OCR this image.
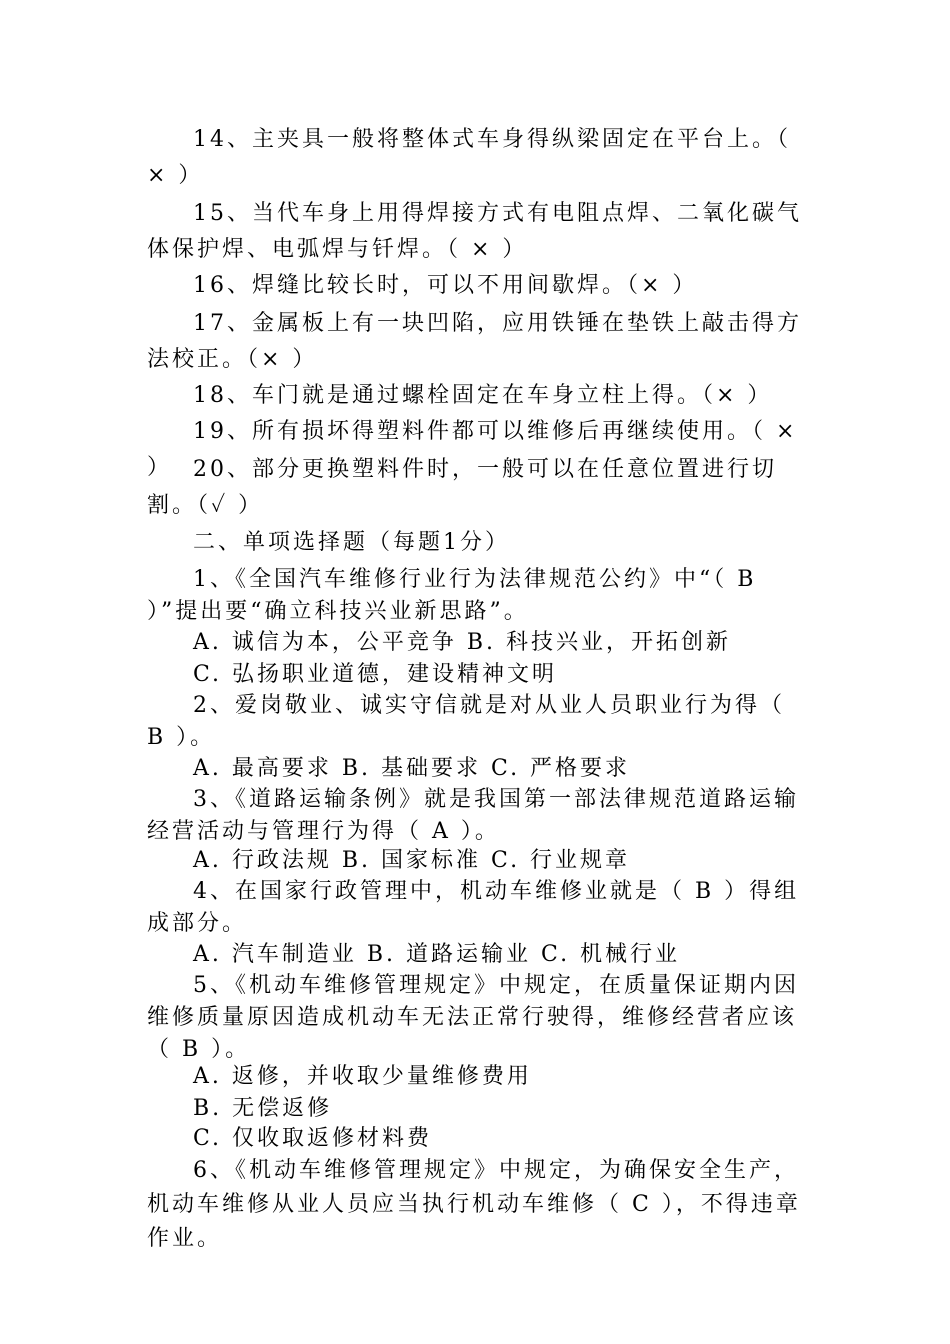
14、主夹具一般将整体式车身得纵梁固定在平台上。（ × ）

15、当代车身上用得焊接方式有电阻点焊、二氧化碳气体保护焊、电弧焊与钎焊。（ × ）

16、焊缝比较长时，可以不用间歇焊。（× ）

17、金属板上有一块凹陷，应用铁锤在垫铁上敲击得方法校正。（× ）

18、车门就是通过螺栓固定在车身立柱上得。（× ）

19、所有损坏得塑料件都可以维修后再继续使用。（ × ） 20、部分更换塑料件时，一般可以在任意位置进行切割。（✓ ）

二、单项选择题（每题1分）

1、《全国汽车维修行业行为法律规范公约》中“（ B ）”提出要“确立科技兴业新思路”。

A. 诚信为本，公平竞争 B. 科技兴业，开拓创新

C. 弘扬职业道德，建设精神文明

2、爱岗敬业、诚实守信就是对从业人员职业行为得（ B ）。

A. 最高要求 B. 基础要求 C. 严格要求

3、《道路运输条例》就是我国第一部法律规范道路运输经营活动与管理行为得（ A ）。

A. 行政法规 B. 国家标准 C. 行业规章

4、在国家行政管理中，机动车维修业就是（ B ）得组成部分。

A. 汽车制造业 B. 道路运输业 C. 机械行业

5、《机动车维修管理规定》中规定，在质量保证期内因维修质量原因造成机动车无法正常行驶得，维修经营者应该（ B ）。

A. 返修，并收取少量维修费用

B. 无偿返修

C. 仅收取返修材料费

6、《机动车维修管理规定》中规定，为确保安全生产，机动车维修从业人员应当执行机动车维修（ C ），不得违章作业。
